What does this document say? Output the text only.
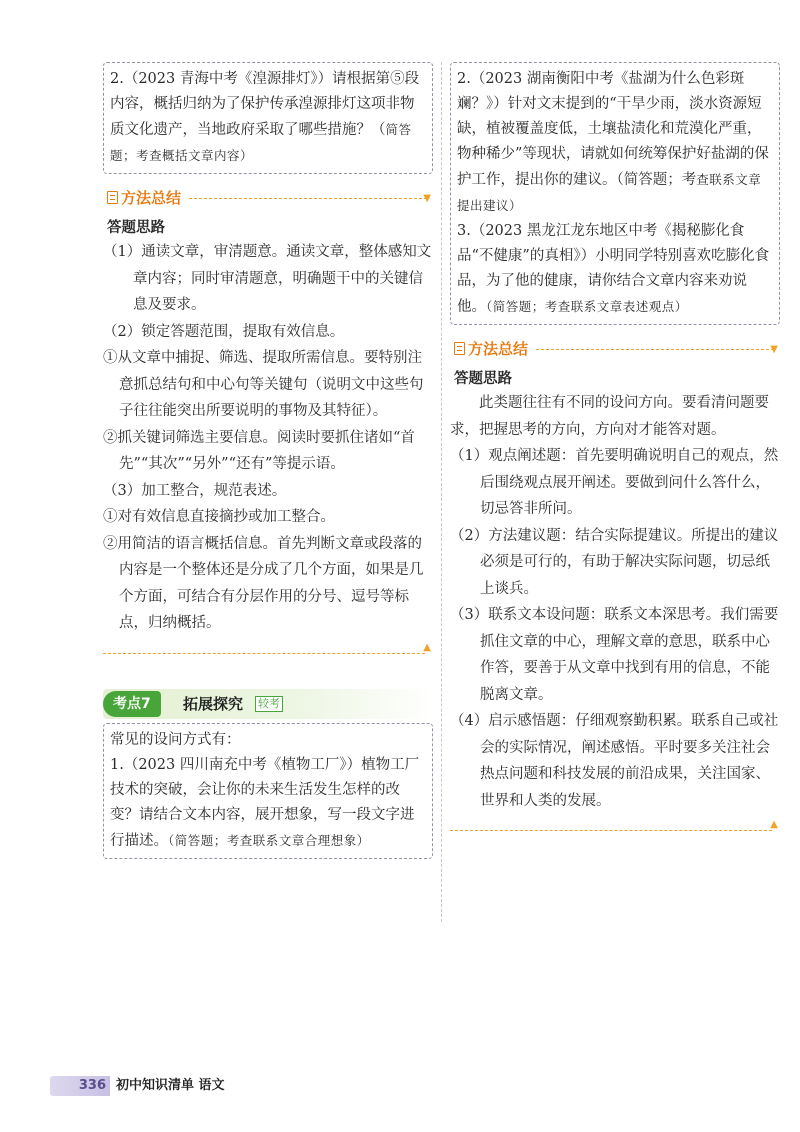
2.（2023 青海中考《湟源排灯》）请根据第⑤段内容，概括归纳为了保护传承湟源排灯这项非物质文化遗产，当地政府采取了哪些措施？（简答题；考查概括文章内容）

▼
方法总结
答题思路

（1）通读文章，审清题意。通读文章，整体感知文章内容；同时审清题意，明确题干中的关键信息及要求。

（2）锁定答题范围，提取有效信息。

①从文章中捕捉、筛选、提取所需信息。要特别注意抓总结句和中心句等关键句（说明文中这些句子往往能突出所要说明的事物及其特征）。

②抓关键词筛选主要信息。阅读时要抓住诸如“首先”“其次”“另外”“还有”等提示语。

（3）加工整合，规范表述。

①对有效信息直接摘抄或加工整合。

②用简洁的语言概括信息。首先判断文章或段落的内容是一个整体还是分成了几个方面，如果是几个方面，可结合有分层作用的分号、逗号等标点，归纳概括。

▲
考点7	拓展探究 较考

常见的设问方式有：

1.（2023 四川南充中考《植物工厂》）植物工厂技术的突破，会让你的未来生活发生怎样的改变？请结合文本内容，展开想象，写一段文字进行描述。（简答题；考查联系文章合理想象）

2.（2023 湖南衡阳中考《盐湖为什么色彩斑斓？》）针对文末提到的“干旱少雨，淡水资源短缺，植被覆盖度低，土壤盐渍化和荒漠化严重，物种稀少”等现状，请就如何统筹保护好盐湖的保护工作，提出你的建议。（简答题；考查联系文章提出建议）

3.（2023 黑龙江龙东地区中考《揭秘膨化食品“不健康”的真相》）小明同学特别喜欢吃膨化食品，为了他的健康，请你结合文章内容来劝说他。（简答题；考查联系文章表述观点）

▼
方法总结
答题思路

此类题往往有不同的设问方向。要看清问题要求，把握思考的方向，方向对才能答对题。

（1）观点阐述题：首先要明确说明自己的观点，然后围绕观点展开阐述。要做到问什么答什么，切忌答非所问。

（2）方法建议题：结合实际提建议。所提出的建议必须是可行的，有助于解决实际问题，切忌纸上谈兵。

（3）联系文本设问题：联系文本深思考。我们需要抓住文章的中心，理解文章的意思，联系中心作答，要善于从文章中找到有用的信息，不能脱离文章。

（4）启示感悟题：仔细观察勤积累。联系自己或社会的实际情况，阐述感悟。平时要多关注社会热点问题和科技发展的前沿成果，关注国家、世界和人类的发展。

▲
336 初中知识清单 语文
